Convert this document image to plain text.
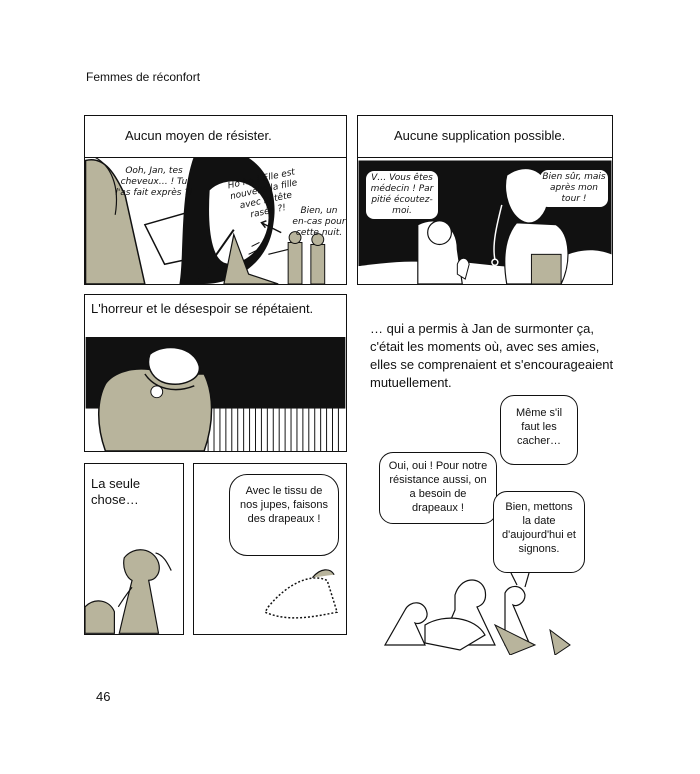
Femmes de réconfort
Aucun moyen de résister.
Ooh, Jan, tes cheveux… ! Tu l'as fait exprès ?!
Ho ho ! Elle est nouvelle la fille avec la tête rasée ?!	Bien, un en-cas pour cette nuit.
Aucune supplication possible.
V… Vous êtes médecin ! Par pitié écoutez-moi.
Bien sûr, mais après mon tour !
L'horreur et le désespoir se répétaient.
… qui a permis à Jan de surmonter ça, c'était les moments où, avec ses amies, elles se comprenaient et s'encourageaient mutuellement.
La seule chose…
Avec le tissu de nos jupes, faisons des drapeaux !
Même s'il faut les cacher…
Oui, oui ! Pour notre résistance aussi, on a besoin de drapeaux !	Bien, mettons la date d'aujourd'hui et signons.
46
